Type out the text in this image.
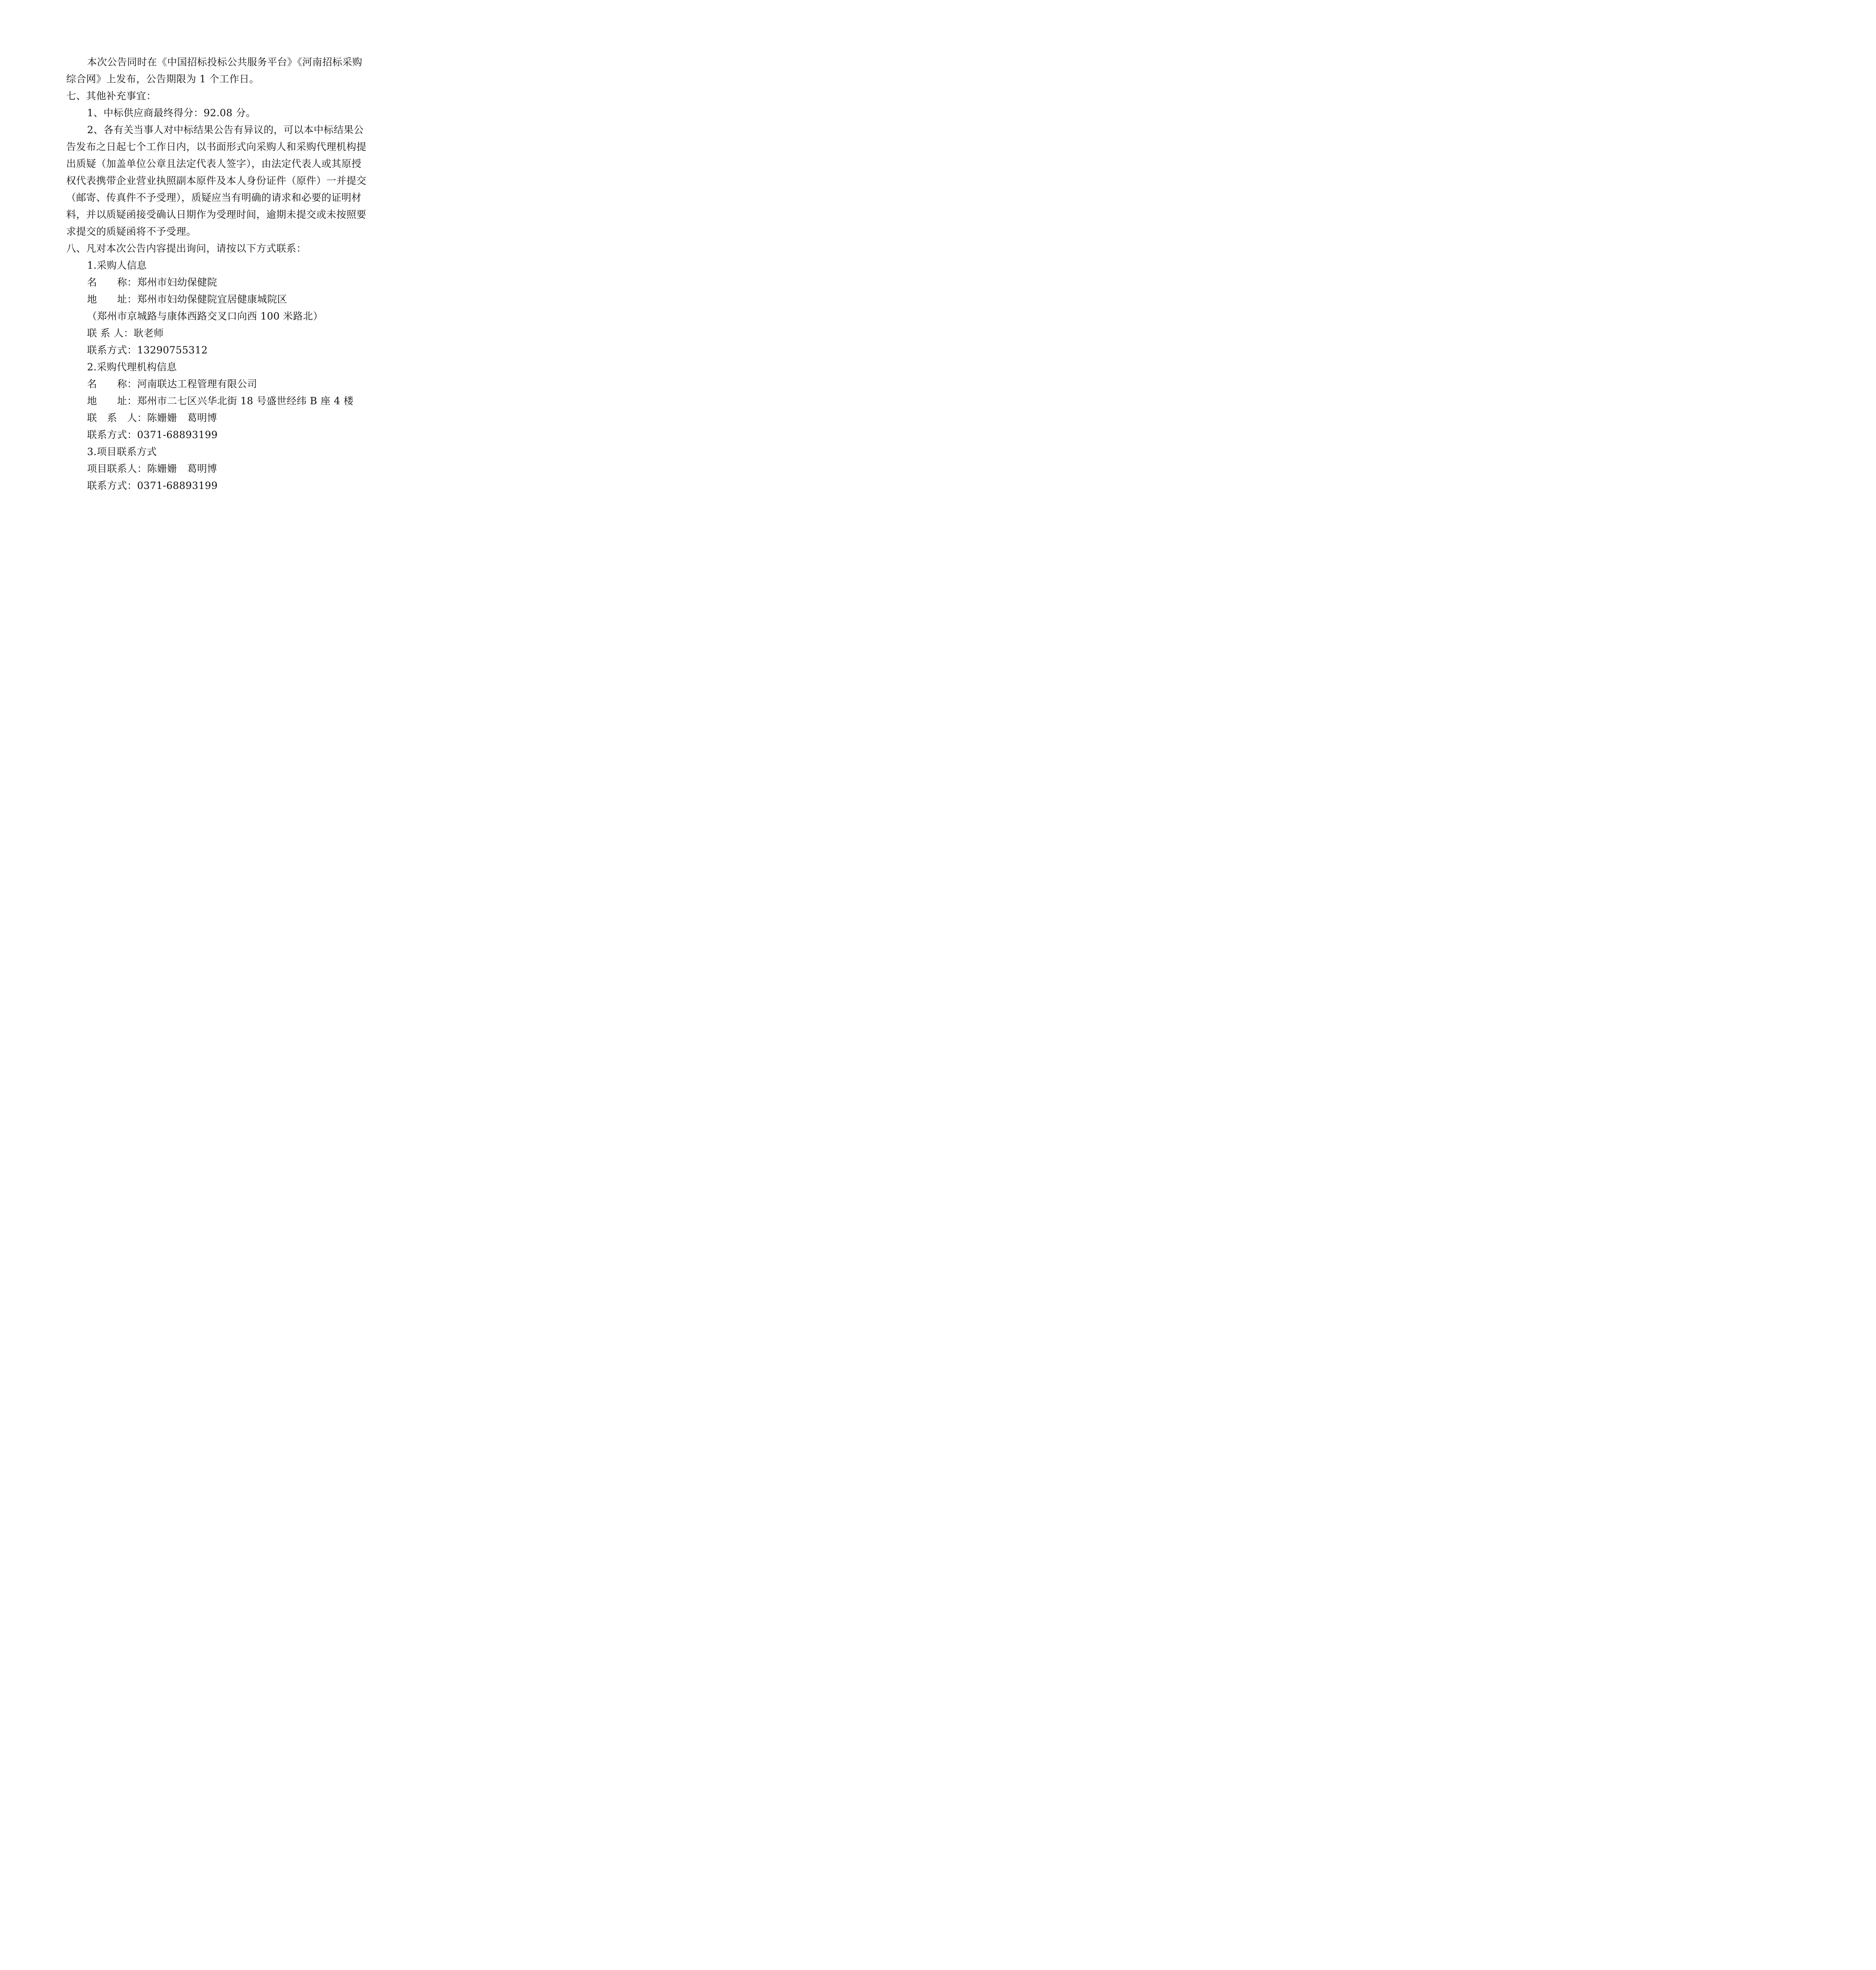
本次公告同时在《中国招标投标公共服务平台》《河南招标采购
综合网》上发布，公告期限为 1 个工作日。
七、其他补充事宜：
1、中标供应商最终得分：92.08 分。
2、各有关当事人对中标结果公告有异议的，可以本中标结果公
告发布之日起七个工作日内，以书面形式向采购人和采购代理机构提
出质疑（加盖单位公章且法定代表人签字），由法定代表人或其原授
权代表携带企业营业执照副本原件及本人身份证件（原件）一并提交
（邮寄、传真件不予受理），质疑应当有明确的请求和必要的证明材
料，并以质疑函接受确认日期作为受理时间，逾期未提交或未按照要
求提交的质疑函将不予受理。
八、凡对本次公告内容提出询问，请按以下方式联系：
1.采购人信息
名　　称：郑州市妇幼保健院
地　　址：郑州市妇幼保健院宜居健康城院区
（郑州市京城路与康体西路交叉口向西 100 米路北）
联 系 人：耿老师
联系方式：13290755312
2.采购代理机构信息
名　　称：河南联达工程管理有限公司
地　　址：郑州市二七区兴华北街 18 号盛世经纬 B 座 4 楼
联　系　人：陈姗姗　葛明博
联系方式：0371-68893199
3.项目联系方式
项目联系人：陈姗姗　葛明博
联系方式：0371-68893199
